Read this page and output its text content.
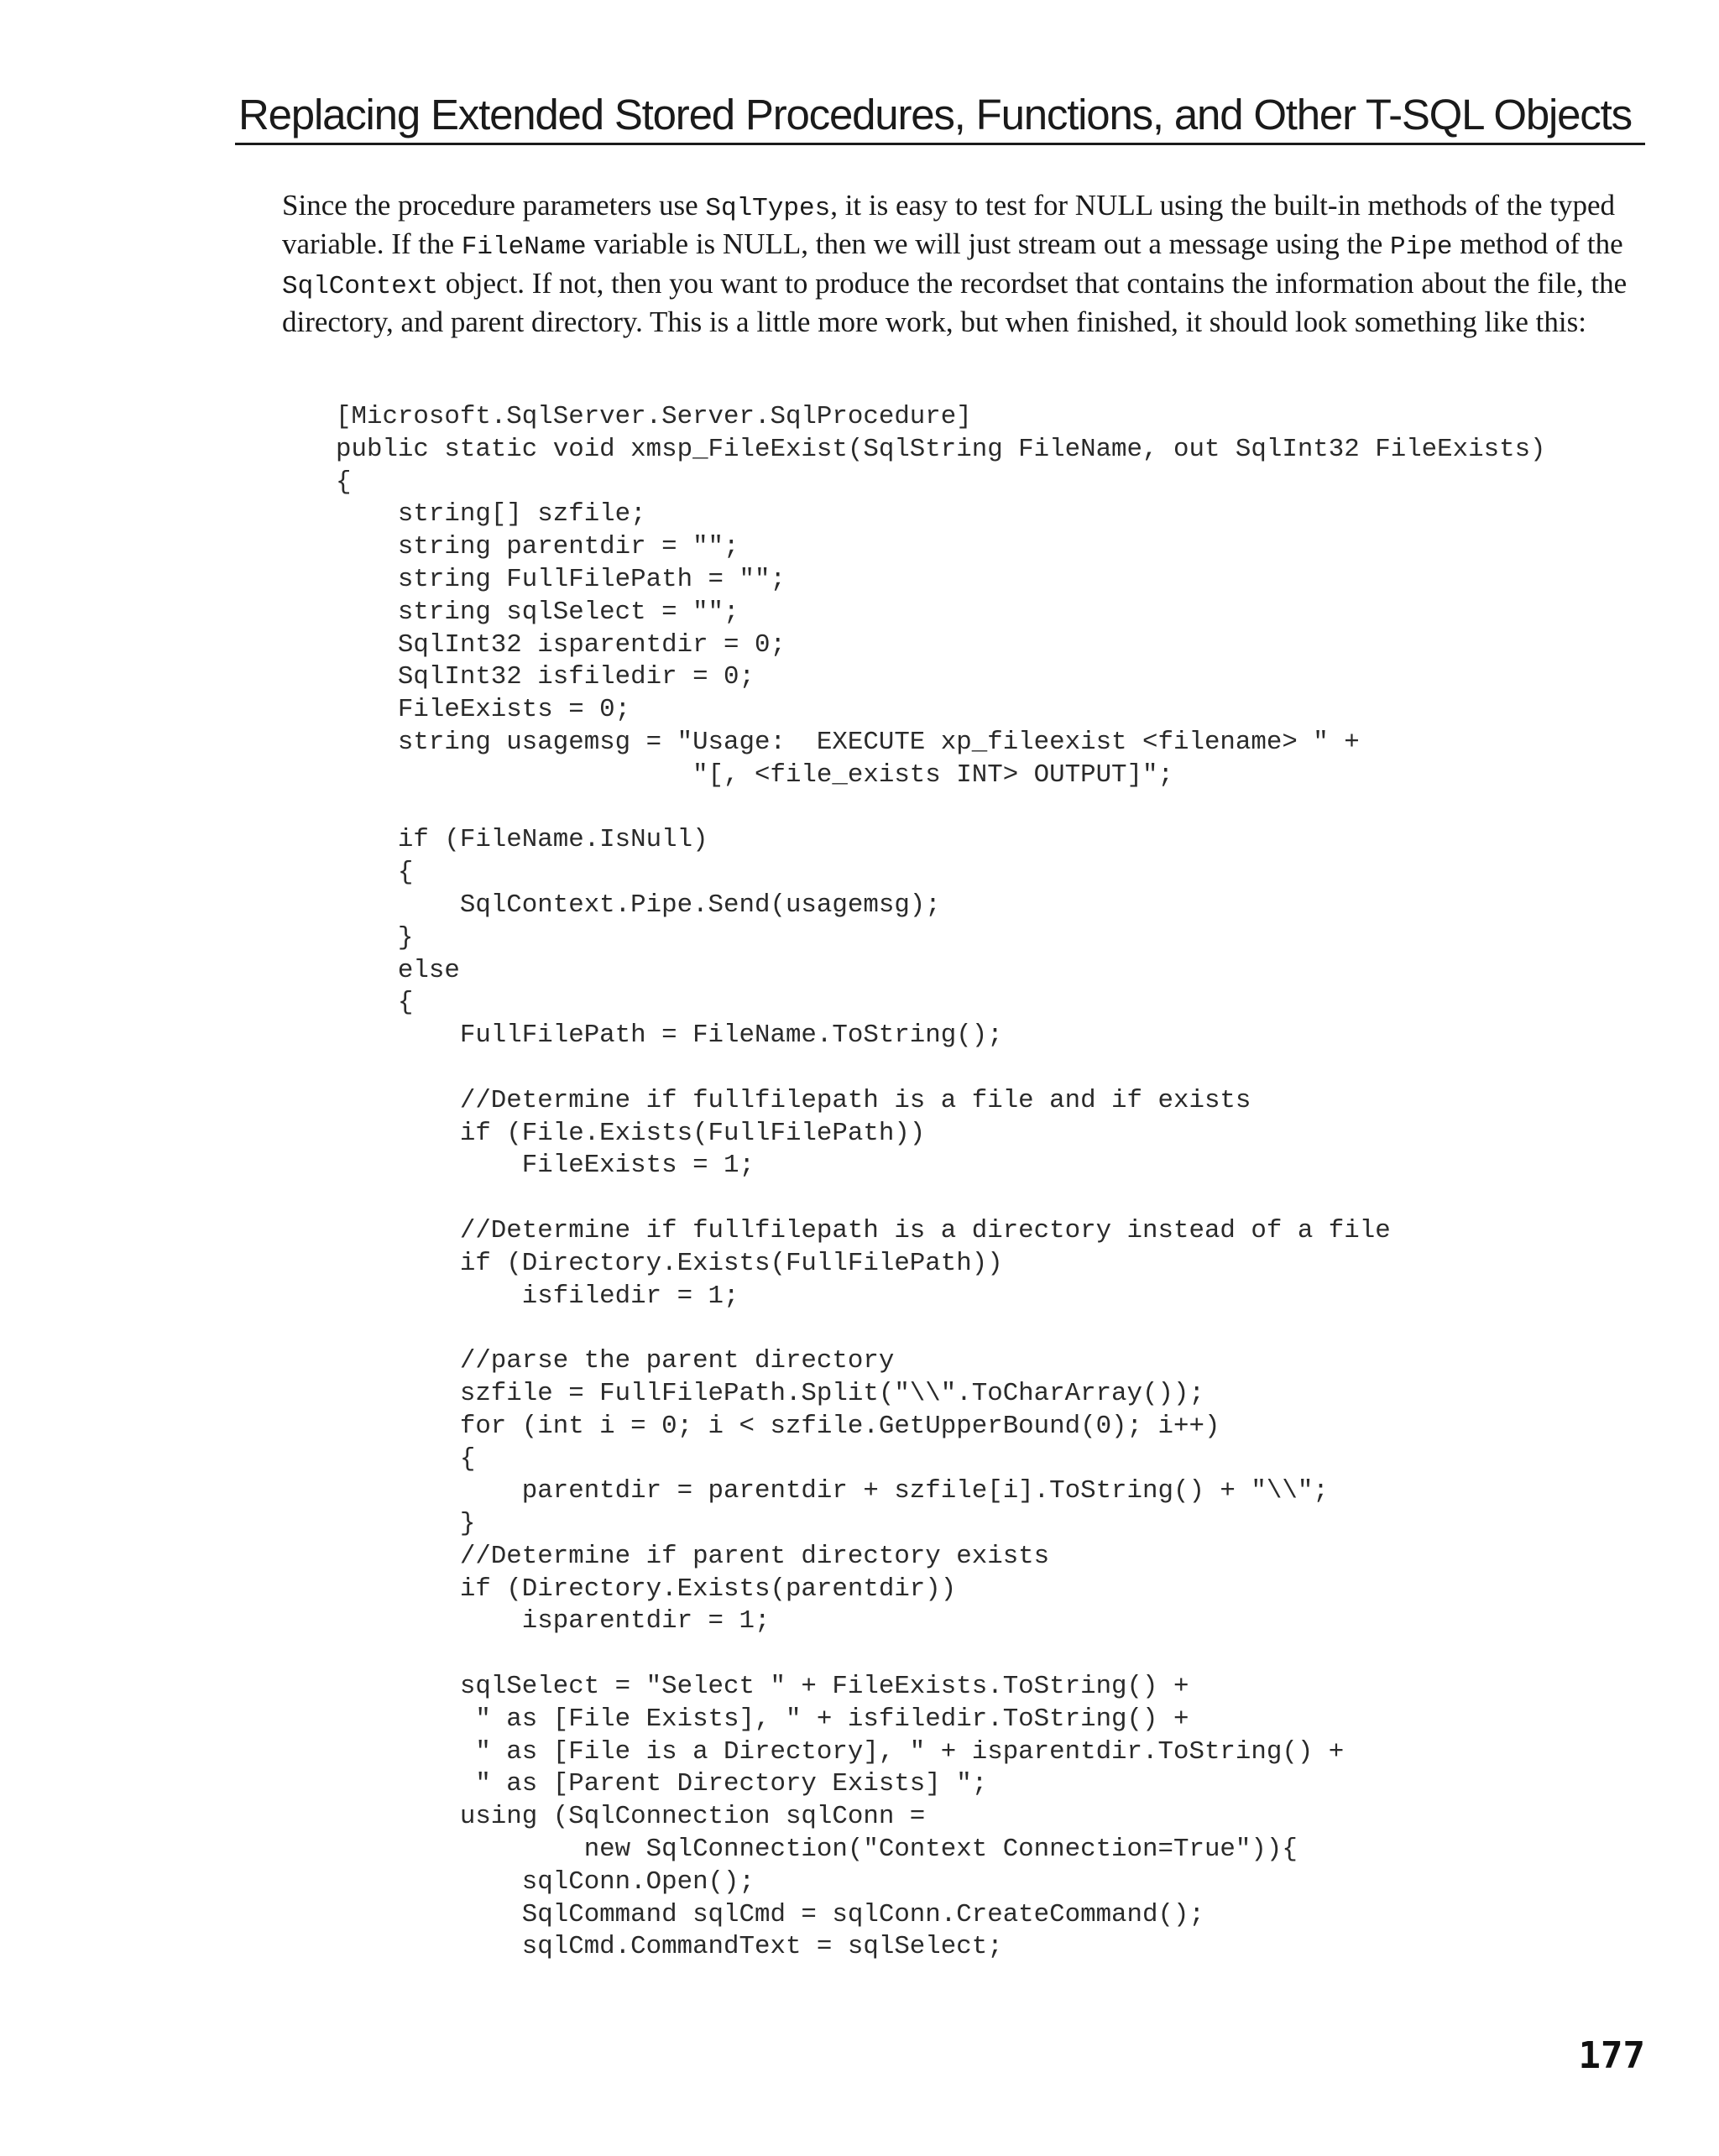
Replacing Extended Stored Procedures, Functions, and Other T-SQL Objects

Since the procedure parameters use SqlTypes, it is easy to test for NULL using the built-in methods of the typed variable. If the FileName variable is NULL, then we will just stream out a message using the Pipe method of the SqlContext object. If not, then you want to produce the recordset that contains the information about the file, the directory, and parent directory. This is a little more work, but when finished, it should look something like this:

[Microsoft.SqlServer.Server.SqlProcedure]
public static void xmsp_FileExist(SqlString FileName, out SqlInt32 FileExists)
{
string[] szfile;
string parentdir = "";
string FullFilePath = "";
string sqlSelect = "";
SqlInt32 isparentdir = 0;
SqlInt32 isfiledir = 0;
FileExists = 0;
string usagemsg = "Usage:  EXECUTE xp_fileexist <filename> " +
"[, <file_exists INT> OUTPUT]";
if (FileName.IsNull)
{
SqlContext.Pipe.Send(usagemsg);
}
else
{
FullFilePath = FileName.ToString();
//Determine if fullfilepath is a file and if exists
if (File.Exists(FullFilePath))
FileExists = 1;
//Determine if fullfilepath is a directory instead of a file
if (Directory.Exists(FullFilePath))
isfiledir = 1;
//parse the parent directory
szfile = FullFilePath.Split("\\".ToCharArray());
for (int i = 0; i < szfile.GetUpperBound(0); i++)
{
parentdir = parentdir + szfile[i].ToString() + "\\";
}
//Determine if parent directory exists
if (Directory.Exists(parentdir))
isparentdir = 1;
sqlSelect = "Select " + FileExists.ToString() +
" as [File Exists], " + isfiledir.ToString() +
" as [File is a Directory], " + isparentdir.ToString() +
" as [Parent Directory Exists] ";
using (SqlConnection sqlConn =
new SqlConnection("Context Connection=True")){
sqlConn.Open();
SqlCommand sqlCmd = sqlConn.CreateCommand();
sqlCmd.CommandText = sqlSelect;
177
